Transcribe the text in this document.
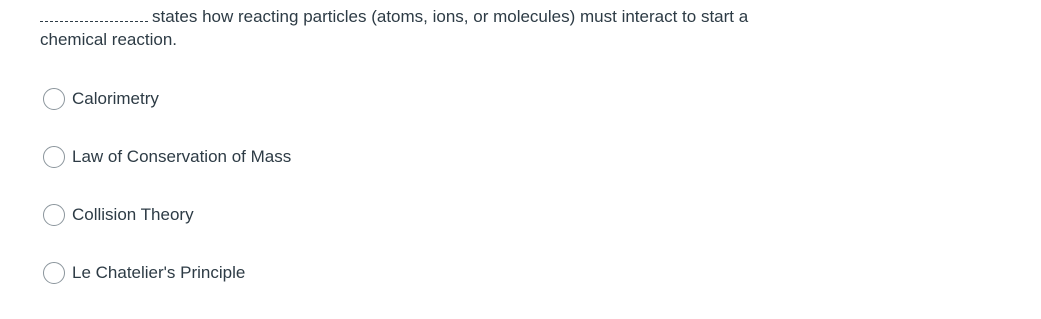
states how reacting particles (atoms, ions, or molecules) must interact to start a chemical reaction.
Calorimetry
Law of Conservation of Mass
Collision Theory
Le Chatelier's Principle
